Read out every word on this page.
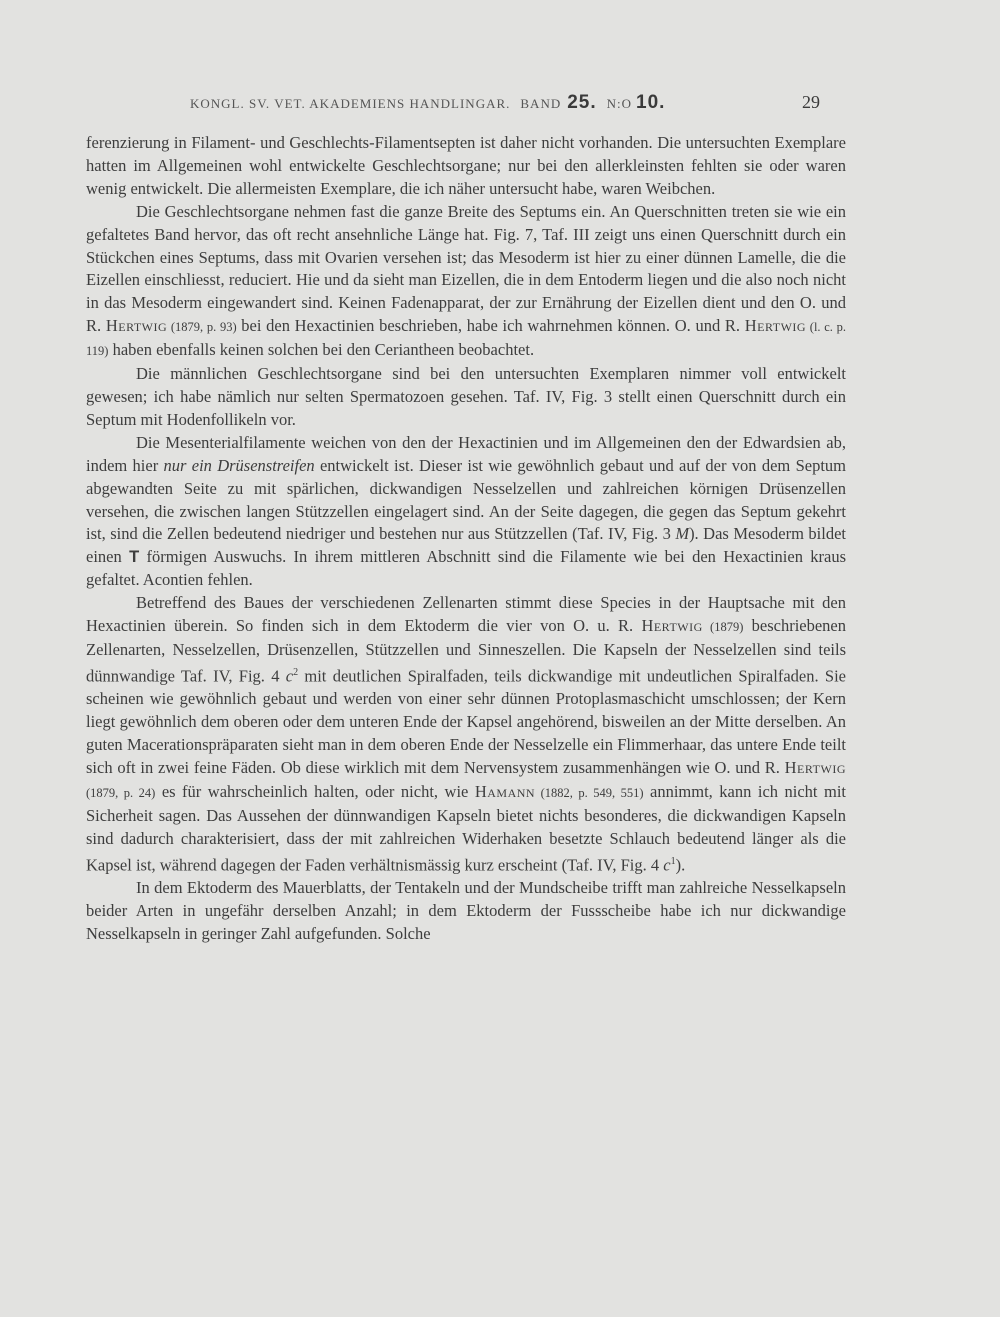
KONGL. SV. VET. AKADEMIENS HANDLINGAR. BAND 25. N:O 10.	29

ferenzierung in Filament- und Geschlechts-Filamentsepten ist daher nicht vorhanden. Die untersuchten Exemplare hatten im Allgemeinen wohl entwickelte Geschlechtsorgane; nur bei den allerkleinsten fehlten sie oder waren wenig entwickelt. Die allermeisten Exemplare, die ich näher untersucht habe, waren Weibchen.

Die Geschlechtsorgane nehmen fast die ganze Breite des Septums ein. An Querschnitten treten sie wie ein gefaltetes Band hervor, das oft recht ansehnliche Länge hat. Fig. 7, Taf. III zeigt uns einen Querschnitt durch ein Stückchen eines Septums, dass mit Ovarien versehen ist; das Mesoderm ist hier zu einer dünnen Lamelle, die die Eizellen einschliesst, reduciert. Hie und da sieht man Eizellen, die in dem Entoderm liegen und die also noch nicht in das Mesoderm eingewandert sind. Keinen Fadenapparat, der zur Ernährung der Eizellen dient und den O. und R. Hertwig (1879, p. 93) bei den Hexactinien beschrieben, habe ich wahrnehmen können. O. und R. Hertwig (l. c. p. 119) haben ebenfalls keinen solchen bei den Ceriantheen beobachtet.

Die männlichen Geschlechtsorgane sind bei den untersuchten Exemplaren nimmer voll entwickelt gewesen; ich habe nämlich nur selten Spermatozoen gesehen. Taf. IV, Fig. 3 stellt einen Querschnitt durch ein Septum mit Hodenfollikeln vor.

Die Mesenterialfilamente weichen von den der Hexactinien und im Allgemeinen den der Edwardsien ab, indem hier nur ein Drüsenstreifen entwickelt ist. Dieser ist wie gewöhnlich gebaut und auf der von dem Septum abgewandten Seite zu mit spärlichen, dickwandigen Nesselzellen und zahlreichen körnigen Drüsenzellen versehen, die zwischen langen Stützzellen eingelagert sind. An der Seite dagegen, die gegen das Septum gekehrt ist, sind die Zellen bedeutend niedriger und bestehen nur aus Stützzellen (Taf. IV, Fig. 3 M). Das Mesoderm bildet einen T förmigen Auswuchs. In ihrem mittleren Abschnitt sind die Filamente wie bei den Hexactinien kraus gefaltet. Acontien fehlen.

Betreffend des Baues der verschiedenen Zellenarten stimmt diese Species in der Hauptsache mit den Hexactinien überein. So finden sich in dem Ektoderm die vier von O. u. R. Hertwig (1879) beschriebenen Zellenarten, Nesselzellen, Drüsenzellen, Stützzellen und Sinneszellen. Die Kapseln der Nesselzellen sind teils dünnwandige Taf. IV, Fig. 4 $c^2$ mit deutlichen Spiralfaden, teils dickwandige mit undeutlichen Spiralfaden. Sie scheinen wie gewöhnlich gebaut und werden von einer sehr dünnen Protoplasmaschicht umschlossen; der Kern liegt gewöhnlich dem oberen oder dem unteren Ende der Kapsel angehörend, bisweilen an der Mitte derselben. An guten Macerationspräparaten sieht man in dem oberen Ende der Nesselzelle ein Flimmerhaar, das untere Ende teilt sich oft in zwei feine Fäden. Ob diese wirklich mit dem Nervensystem zusammenhängen wie O. und R. Hertwig (1879, p. 24) es für wahrscheinlich halten, oder nicht, wie Hamann (1882, p. 549, 551) annimmt, kann ich nicht mit Sicherheit sagen. Das Aussehen der dünnwandigen Kapseln bietet nichts besonderes, die dickwandigen Kapseln sind dadurch charakterisiert, dass der mit zahlreichen Widerhaken besetzte Schlauch bedeutend länger als die Kapsel ist, während dagegen der Faden verhältnismässig kurz erscheint (Taf. IV, Fig. 4 $c^1$).

In dem Ektoderm des Mauerblatts, der Tentakeln und der Mundscheibe trifft man zahlreiche Nesselkapseln beider Arten in ungefähr derselben Anzahl; in dem Ektoderm der Fussscheibe habe ich nur dickwandige Nesselkapseln in geringer Zahl aufgefunden. Solche
